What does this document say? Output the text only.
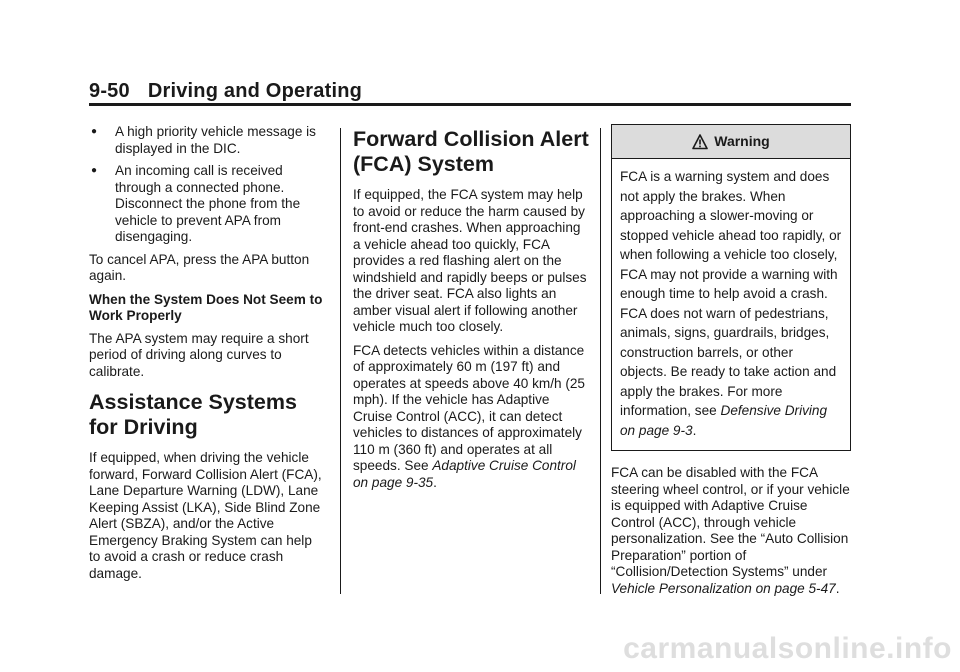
9-50 Driving and Operating
● A high priority vehicle message is displayed in the DIC.
● An incoming call is received through a connected phone. Disconnect the phone from the vehicle to prevent APA from disengaging.

To cancel APA, press the APA button again.

When the System Does Not Seem to Work Properly

The APA system may require a short period of driving along curves to calibrate.

Assistance Systems for Driving

If equipped, when driving the vehicle forward, Forward Collision Alert (FCA), Lane Departure Warning (LDW), Lane Keeping Assist (LKA), Side Blind Zone Alert (SBZA), and/or the Active Emergency Braking System can help to avoid a crash or reduce crash damage.

Forward Collision Alert (FCA) System

If equipped, the FCA system may help to avoid or reduce the harm caused by front-end crashes. When approaching a vehicle ahead too quickly, FCA provides a red flashing alert on the windshield and rapidly beeps or pulses the driver seat. FCA also lights an amber visual alert if following another vehicle much too closely.

FCA detects vehicles within a distance of approximately 60 m (197 ft) and operates at speeds above 40 km/h (25 mph). If the vehicle has Adaptive Cruise Control (ACC), it can detect vehicles to distances of approximately 110 m (360 ft) and operates at all speeds. See Adaptive Cruise Control on page 9-35.

Warning
FCA is a warning system and does not apply the brakes. When approaching a slower-moving or stopped vehicle ahead too rapidly, or when following a vehicle too closely, FCA may not provide a warning with enough time to help avoid a crash. FCA does not warn of pedestrians, animals, signs, guardrails, bridges, construction barrels, or other objects. Be ready to take action and apply the brakes. For more information, see Defensive Driving on page 9-3.

FCA can be disabled with the FCA steering wheel control, or if your vehicle is equipped with Adaptive Cruise Control (ACC), through vehicle personalization. See the “Auto Collision Preparation” portion of “Collision/Detection Systems” under Vehicle Personalization on page 5-47.

carmanualsonline.info
